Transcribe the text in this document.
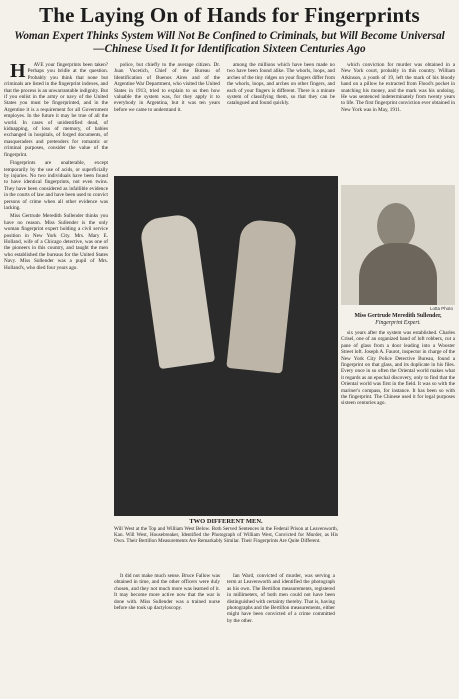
The Laying On of Hands for Fingerprints
Woman Expert Thinks System Will Not Be Confined to Criminals, but Will Become Universal
—Chinese Used It for Identification Sixteen Centuries Ago

H AVE your fingerprints been taken? Perhaps you bridle at the question. Probably you think that none but criminals are listed in the fingerprint indexes, and that the process is an unwarrantable indignity. But if you enlist in the army or navy of the United States you must be fingerprinted, and in the Argentine it is a requirement for all Government employes. In the future it may be true of all the world. In cases of unidentified dead, of kidnapping, of loss of memory, of babies exchanged in hospitals, of forged documents, of masqueraders and pretenders for romantic or criminal purposes, consider the value of the fingerprint.

Fingerprints are unalterable, except temporarily by the use of acids, or superficially by injuries. No two individuals have been found to have identical fingerprints, not even twins. They have been considered as infallible evidence in the courts of law and have been used to convict persons of crime when all other evidence was lacking.

Miss Gertrude Meredith Sullender thinks you have no reason. Miss Sullender is the only woman fingerprint expert holding a civil service position in New York City. Mrs. Mary E. Holland, wife of a Chicago detective, was one of the pioneers in this country, and taught the men who established the bureaus for the United States Navy. Miss Sullender was a pupil of Mrs. Holland's, who died four years ago.

police, but chiefly to the average citizen. Dr. Juan Vucetich, Chief of the Bureau of Identification of Buenos Aires and of the Argentine War Department, who visited the United States in 1913, tried to explain to us then how valuable the system was, for they apply it to everybody in Argentina, but it was ten years before we came to understand it.

among the millions which have been made no two have been found alike. The whorls, loops, and arches of the tiny ridges on your fingers differ from the whorls, loops, and arches on other fingers, and each of your fingers is different. There is a minute system of classifying them, so that they can be catalogued and found quickly.

which conviction for murder was obtained in a New York court, probably in this country. William Atkinson, a youth of 19, left the mark of his bloody hand on a pillow he extracted from Flood's pocket in snatching his money, and the mark was his undoing. He was sentenced indeterminately from twenty years to life. The first fingerprint conviction ever obtained in New York was in May, 1911.

TWO DIFFERENT MEN.
Will West at the Top and William West Below. Both Served Sentences in the Federal Prison at Leavenworth, Kan. Will West, Housebreaker, Identified the Photograph of William West, Convicted for Murder, as His Own. Their Bertillon Measurements Are Remarkably Similar. Their Fingerprints Are Quite Different.
Lotta Photo
Miss Gertrude Meredith Sullender,
Fingerprint Expert.

It did not make much sense. Bruce Fallow was obtained in time, and the other officers were duly chosen, and they not much more was learned of it. It may become more active now that the war is done with. Miss Sullender was a trained nurse before she took up dactyloscopy.

Ian Ward, convicted of murder, was serving a term at Leavenworth and identified the photograph as his own. The Bertillon measurements, registered in millimeters, of both men could not have been distinguished with certainty thereby. That is, having photographs and the Bertillon measurements, either might have been convicted of a crime committed by the other.

six years after the system was established. Charles Crisel, one of an organized band of loft robbers, cut a pane of glass from a door leading into a Wooster Street loft. Joseph A. Faurot, inspector in charge of the New York City Police Detective Bureau, found a fingerprint on that glass, and its duplicate in his files. Every once in so often the Oriental world makes what it regards as an epochal discovery, only to find that the Oriental world was first in the field. It was so with the mariner's compass, for instance. It has been so with the fingerprint. The Chinese used it for legal purposes sixteen centuries ago.
